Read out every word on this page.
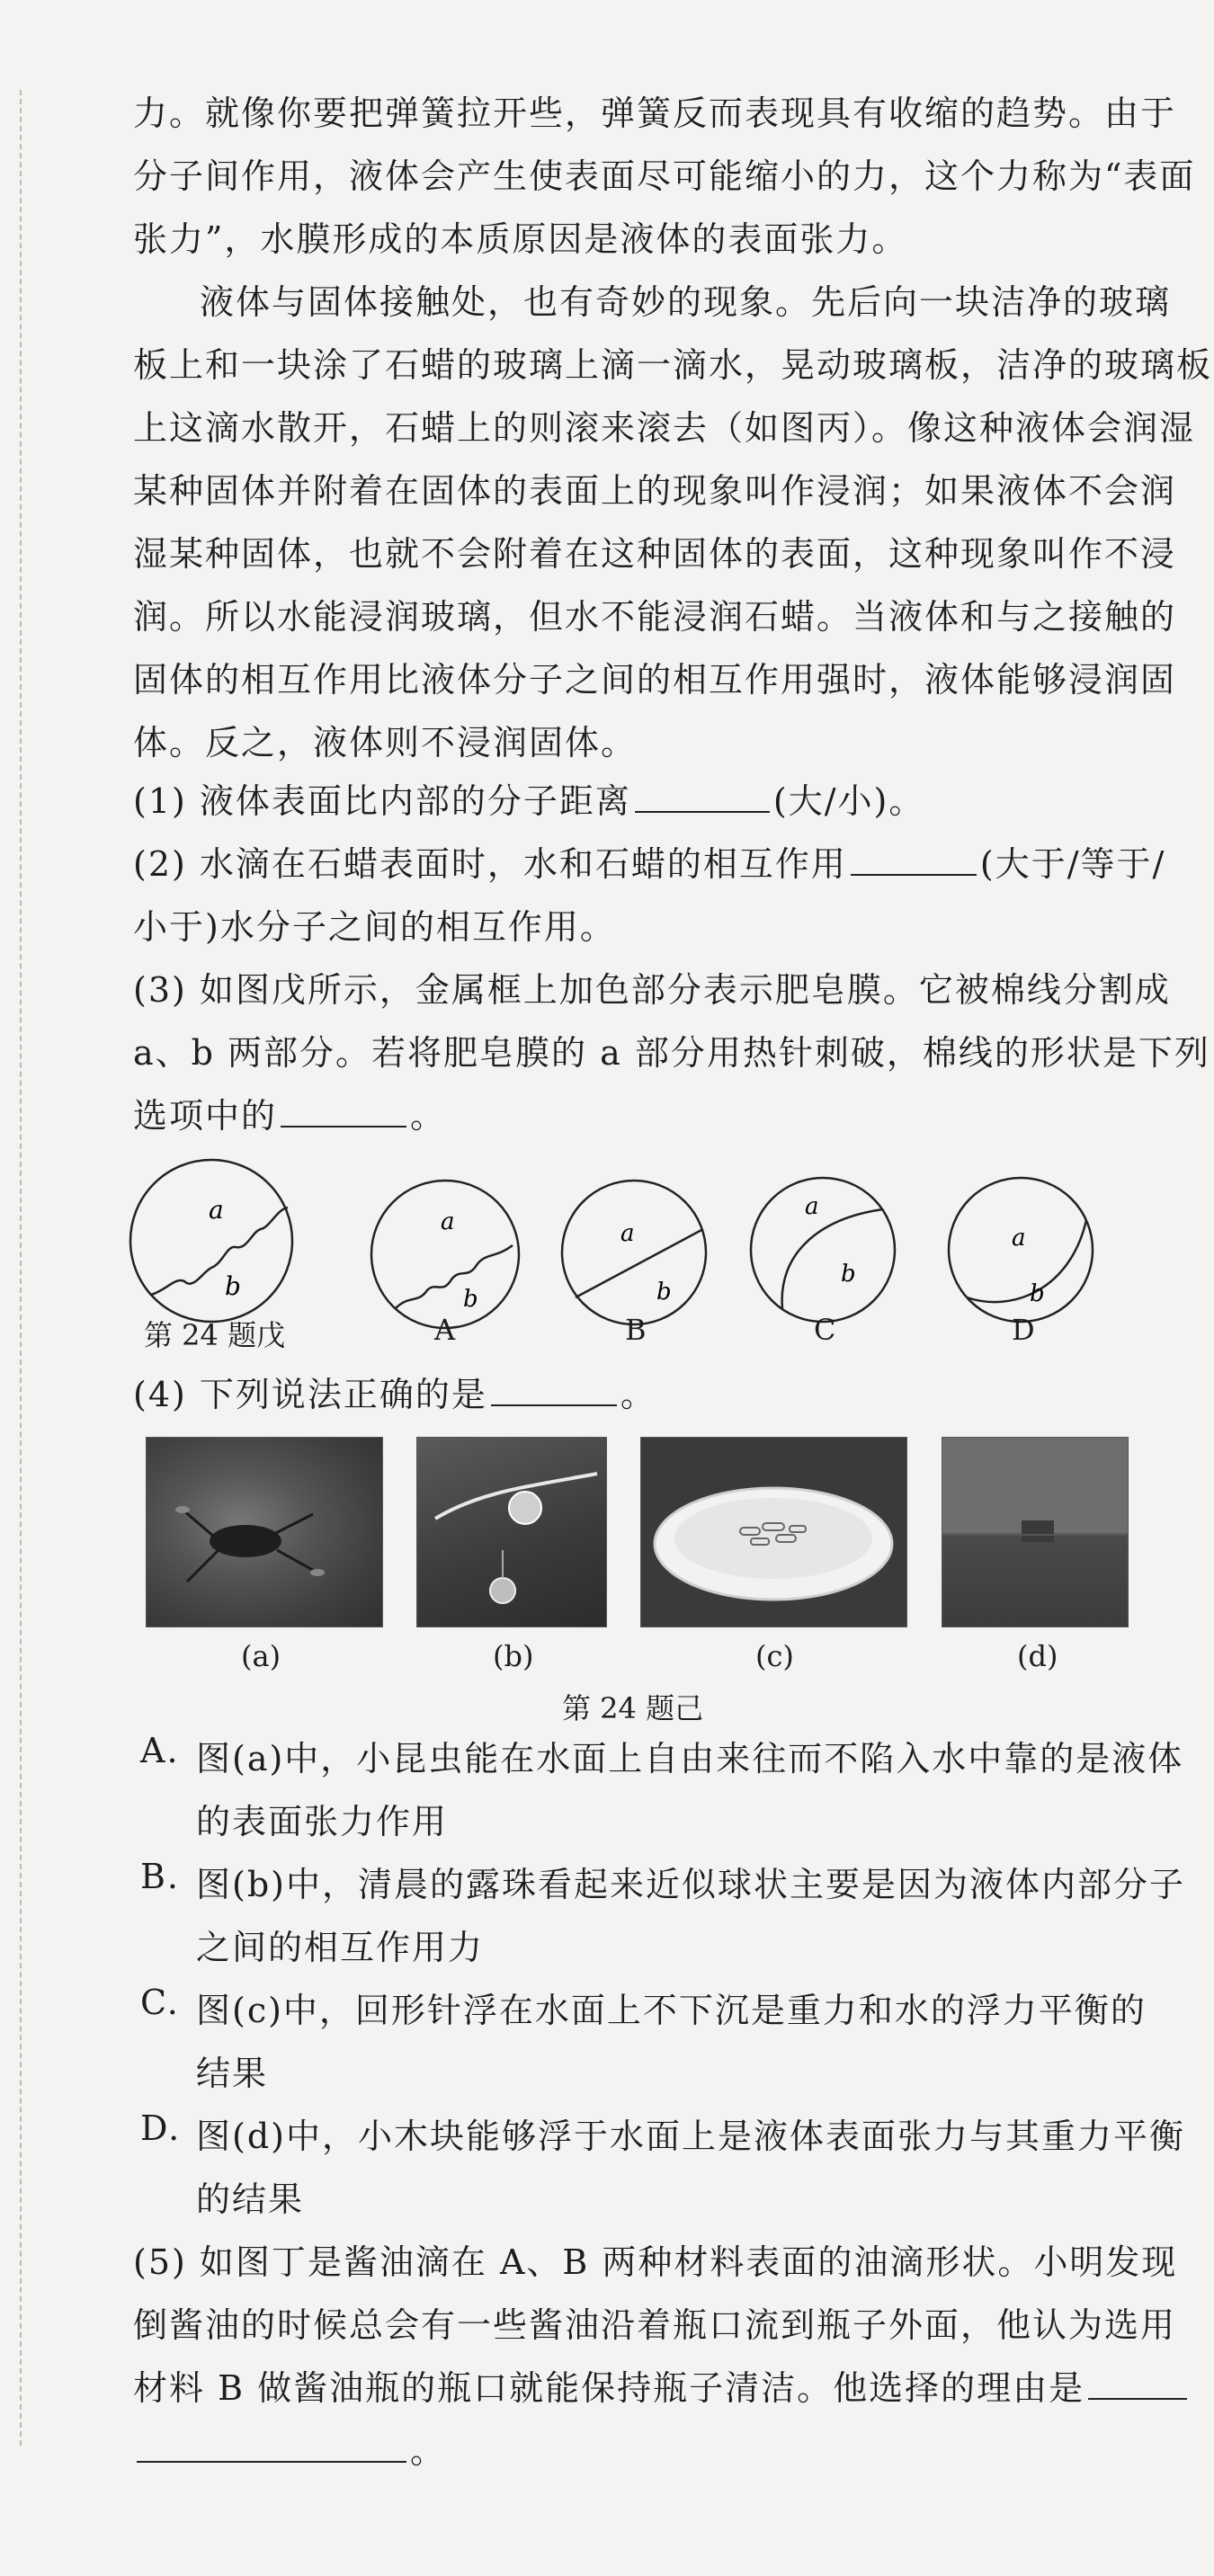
力。就像你要把弹簧拉开些，弹簧反而表现具有收缩的趋势。由于
分子间作用，液体会产生使表面尽可能缩小的力，这个力称为“表面
张力”，水膜形成的本质原因是液体的表面张力。
液体与固体接触处，也有奇妙的现象。先后向一块洁净的玻璃
板上和一块涂了石蜡的玻璃上滴一滴水，晃动玻璃板，洁净的玻璃板
上这滴水散开，石蜡上的则滚来滚去（如图丙）。像这种液体会润湿
某种固体并附着在固体的表面上的现象叫作浸润；如果液体不会润
湿某种固体，也就不会附着在这种固体的表面，这种现象叫作不浸
润。所以水能浸润玻璃，但水不能浸润石蜡。当液体和与之接触的
固体的相互作用比液体分子之间的相互作用强时，液体能够浸润固
体。反之，液体则不浸润固体。
(1) 液体表面比内部的分子距离	(大/小)。
(2) 水滴在石蜡表面时，水和石蜡的相互作用	(大于/等于/
小于)水分子之间的相互作用。
(3) 如图戊所示，金属框上加色部分表示肥皂膜。它被棉线分割成
a、b 两部分。若将肥皂膜的 a 部分用热针刺破，棉线的形状是下列
选项中的	。
a
b
a
b
a
b
a
b
a
b
第 24 题戊	A	B	C	D
(4) 下列说法正确的是	。
(a)	(b)	(c)	(d)
第 24 题己
A. 图(a)中，小昆虫能在水面上自由来往而不陷入水中靠的是液体
的表面张力作用
B. 图(b)中，清晨的露珠看起来近似球状主要是因为液体内部分子
之间的相互作用力
C. 图(c)中，回形针浮在水面上不下沉是重力和水的浮力平衡的
结果
D. 图(d)中，小木块能够浮于水面上是液体表面张力与其重力平衡
的结果
(5) 如图丁是酱油滴在 A、B 两种材料表面的油滴形状。小明发现
倒酱油的时候总会有一些酱油沿着瓶口流到瓶子外面，他认为选用
材料 B 做酱油瓶的瓶口就能保持瓶子清洁。他选择的理由是
。
